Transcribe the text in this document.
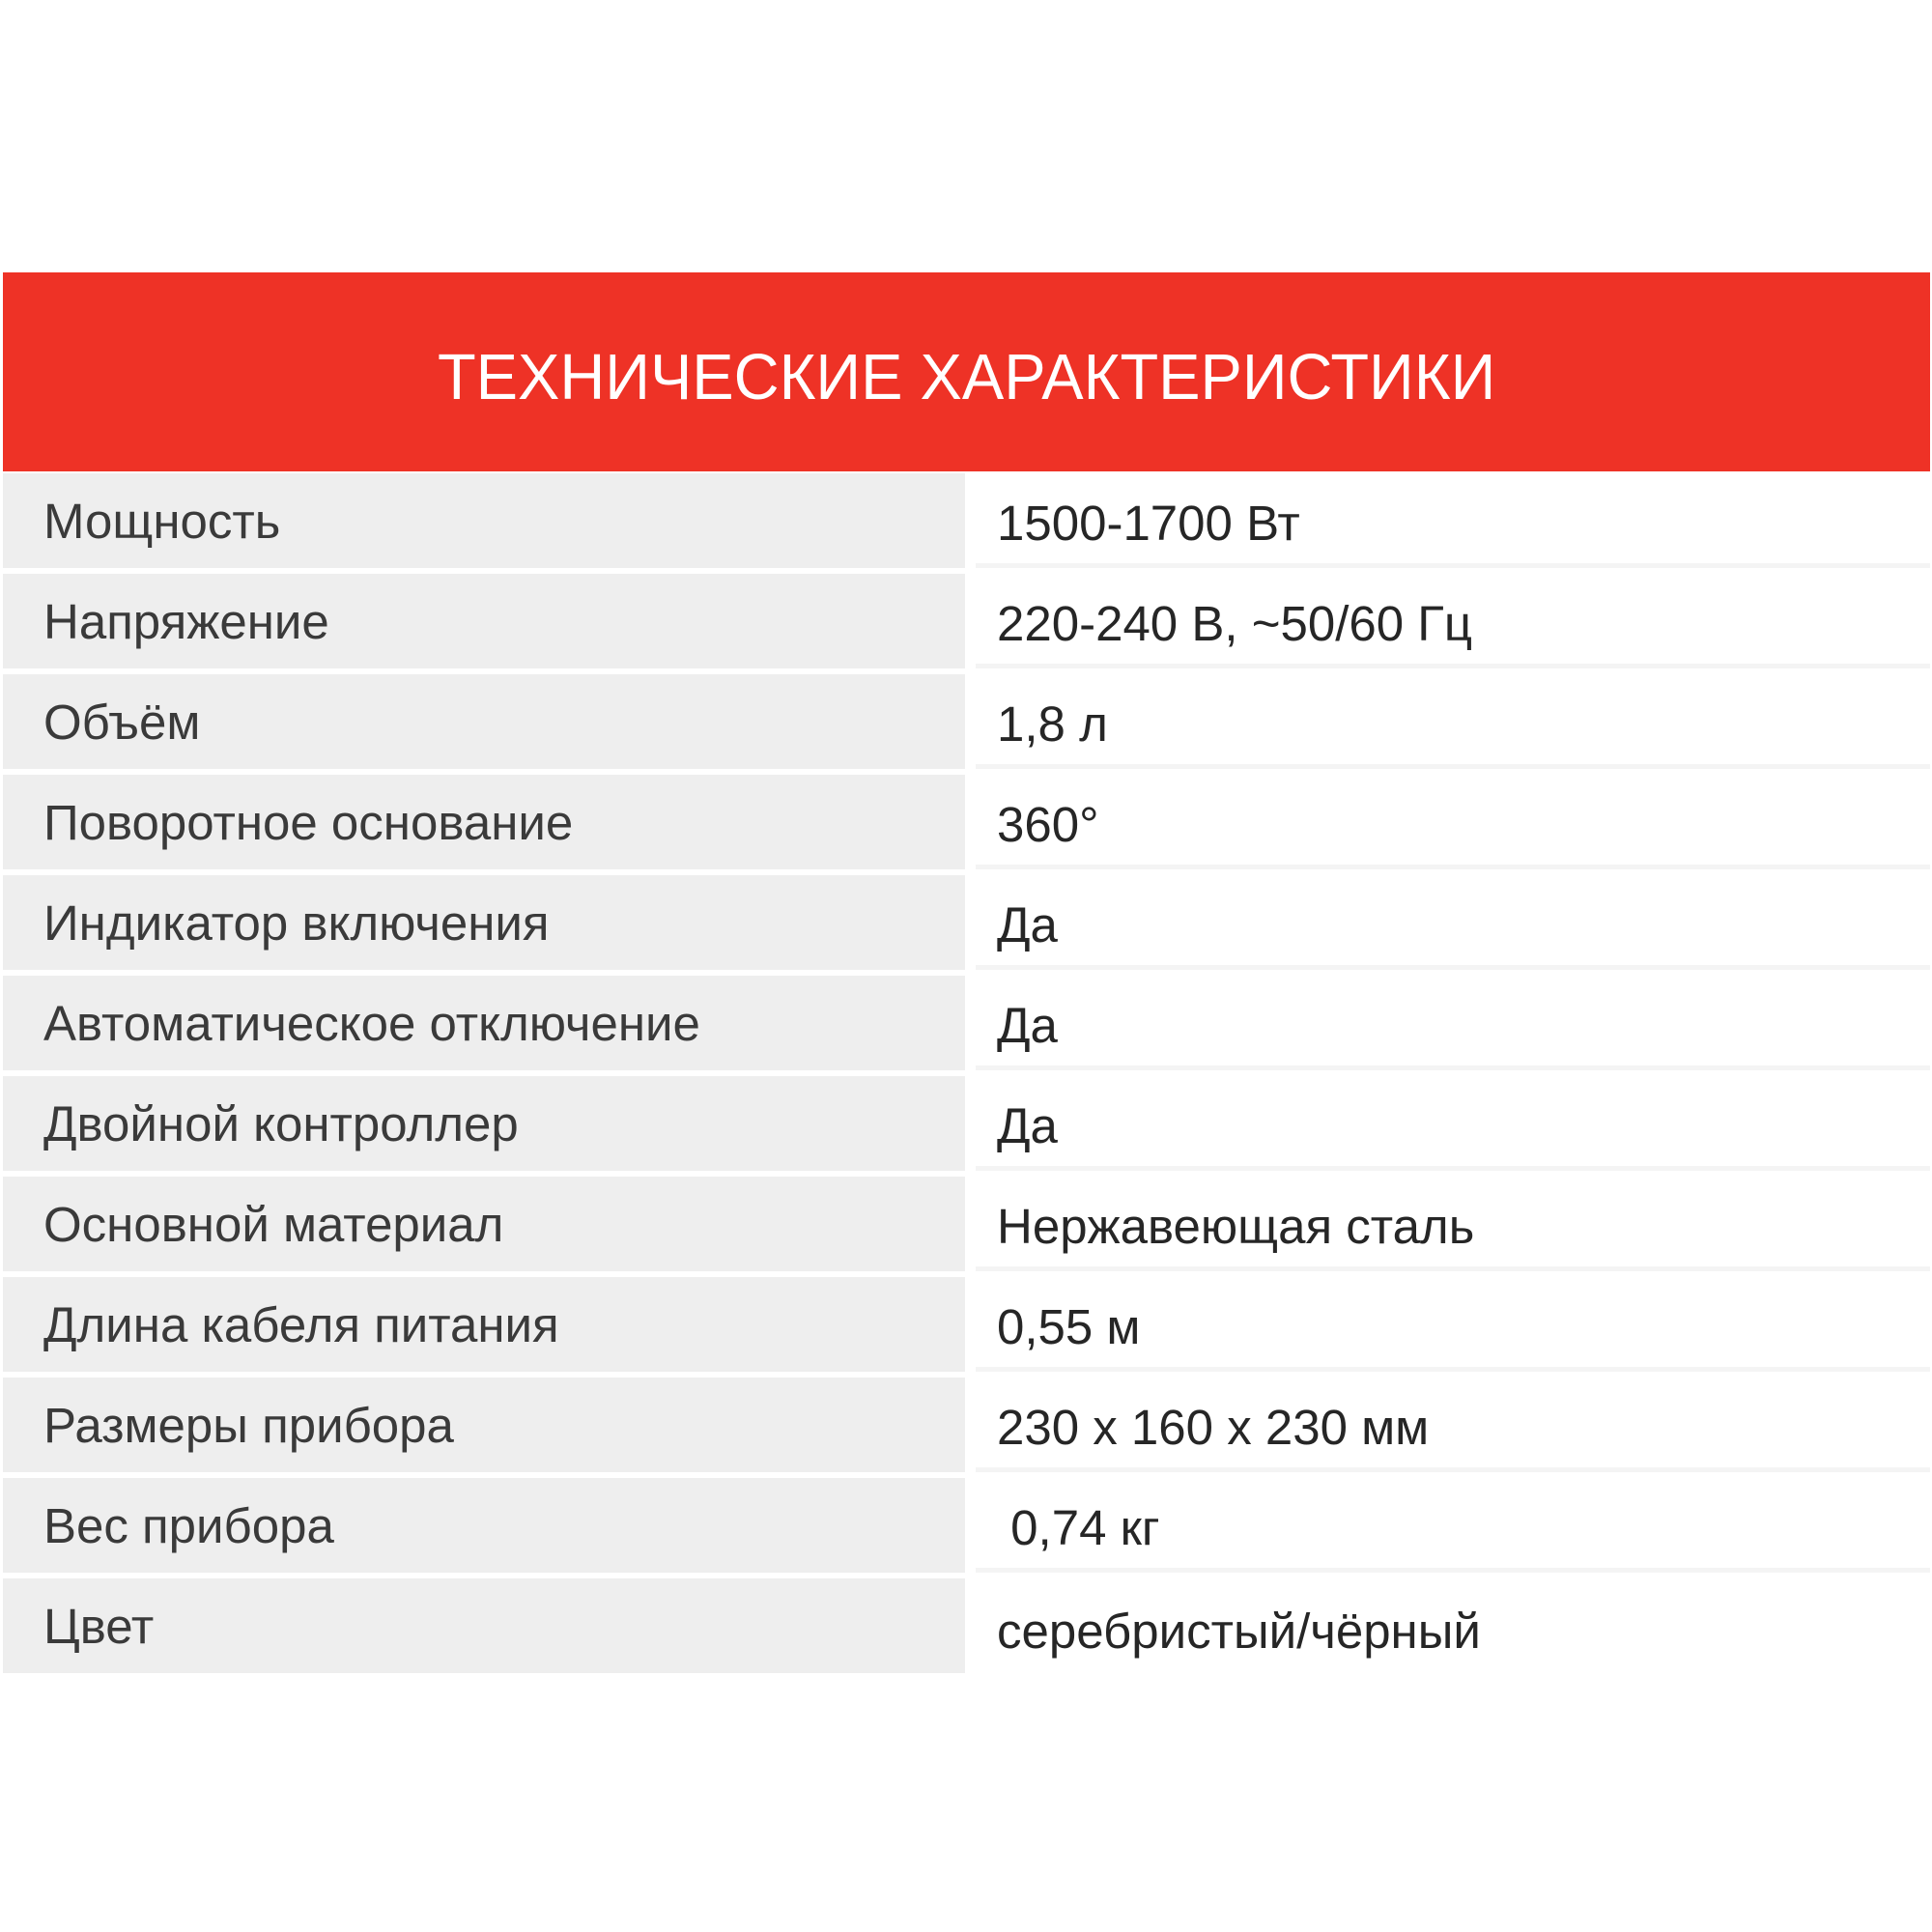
ТЕХНИЧЕСКИЕ ХАРАКТЕРИСТИКИ
Мощность	1500-1700 Вт
Напряжение	220-240 В, ~50/60 Гц
Объём	1,8 л
Поворотное основание	360°
Индикатор включения	Да
Автоматическое отключение	Да
Двойной контроллер	Да
Основной материал	Нержавеющая сталь
Длина кабеля питания	0,55 м
Размеры прибора	230 х 160 х 230 мм
Вес прибора	0,74 кг
Цвет	серебристый/чёрный
